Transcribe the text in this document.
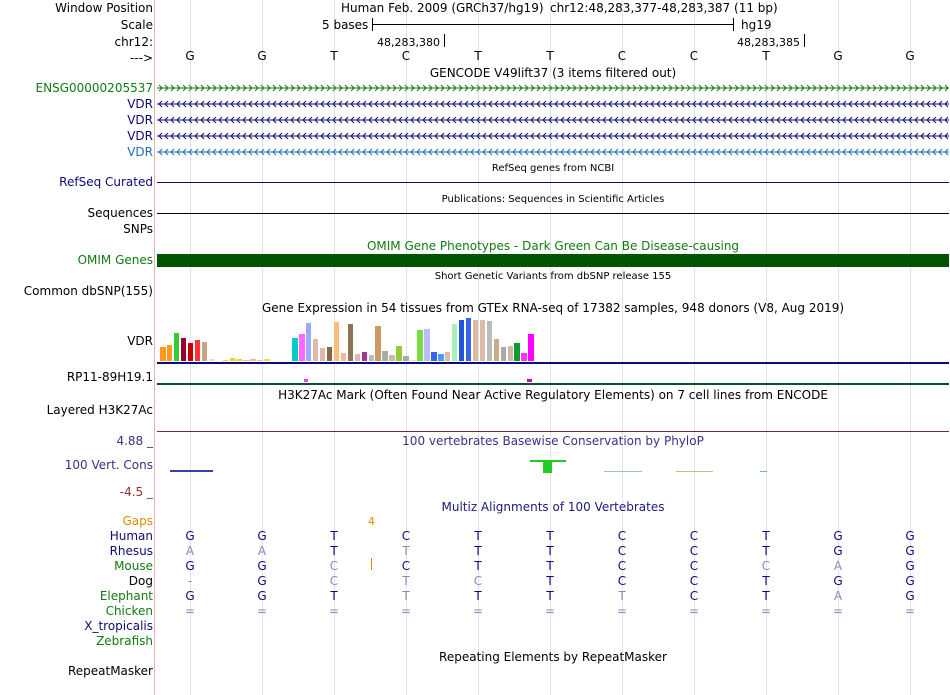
Window Position	Human Feb. 2009 (GRCh37/hg19) chr12:48,283,377-48,283,387 (11 bp)
Scale	5 bases	hg19
chr12:	48,283,380	48,283,385
--->	G	G	T	C	T	T	C	C	T	G	G
GENCODE V49lift37 (3 items filtered out)
ENSG00000205537
VDR
VDR
VDR
VDR
RefSeq genes from NCBI
RefSeq Curated
Publications: Sequences in Scientific Articles
Sequences
SNPs
OMIM Gene Phenotypes - Dark Green Can Be Disease-causing
OMIM Genes
Short Genetic Variants from dbSNP release 155
Common dbSNP(155)
Gene Expression in 54 tissues from GTEx RNA-seq of 17382 samples, 948 donors (V8, Aug 2019)
VDR
RP11-89H19.1
H3K27Ac Mark (Often Found Near Active Regulatory Elements) on 7 cell lines from ENCODE
Layered H3K27Ac
100 vertebrates Basewise Conservation by PhyloP
4.88 _
100 Vert. Cons
-4.5 _
Multiz Alignments of 100 Vertebrates
Gaps	4
Human	G	G	T	C	T	T	C	C	T	G	G
Rhesus	A	A	T	T	T	T	C	C	T	G	G
Mouse	G	G	C	C	T	T	C	C	C	A	G
Dog	-	G	C	T	C	T	C	C	T	G	G
Elephant	G	G	T	T	T	T	T	C	T	A	G
Chicken	=	=	=	=	=	=	=	=	=	=	=
X_tropicalis
Zebrafish
Repeating Elements by RepeatMasker
RepeatMasker
